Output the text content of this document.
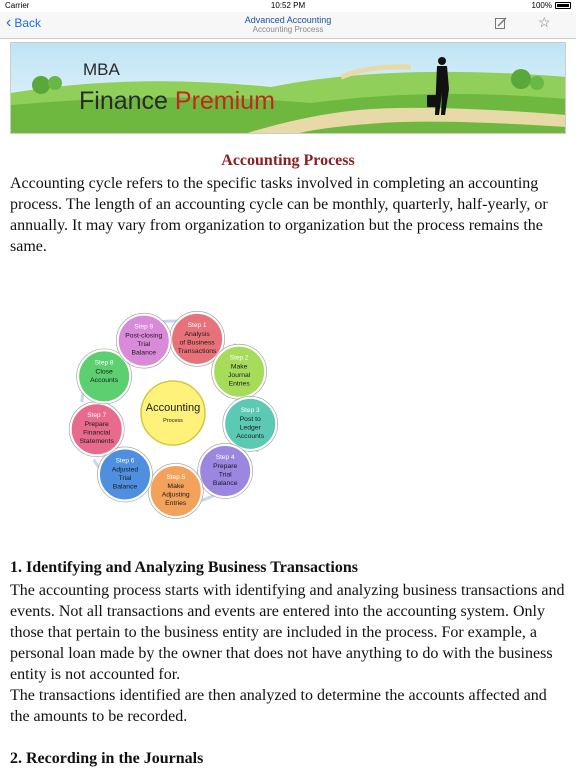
Carrier	10:52 PM	100%
‹ Back	Advanced Accounting
Accounting Process	☆
MBA
Finance Premium
Accounting Process
Accounting cycle refers to the specific tasks involved in completing an accounting process. The length of an accounting cycle can be monthly, quarterly, half-yearly, or annually. It may vary from organization to organization but the process remains the same.
Step 1
Analysis
of Business
Transactions
Step 2
Make
Journal
Entries
Step 3
Post to
Ledger
Accounts
Step 4
Prepare
Trial
Balance
Step 5
Make
Adjusting
Entries
Step 6
Adjusted
Trial
Balance
Step 7
Prepare
Financial
Statements
Step 8
Close
Accounts
Step 9
Post-closing
Trial
Balance
Accounting
Process
1. Identifying and Analyzing Business Transactions
The accounting process starts with identifying and analyzing business transactions and events. Not all transactions and events are entered into the accounting system. Only those that pertain to the business entity are included in the process. For example, a personal loan made by the owner that does not have anything to do with the business entity is not accounted for.
The transactions identified are then analyzed to determine the accounts affected and the amounts to be recorded.
2. Recording in the Journals
